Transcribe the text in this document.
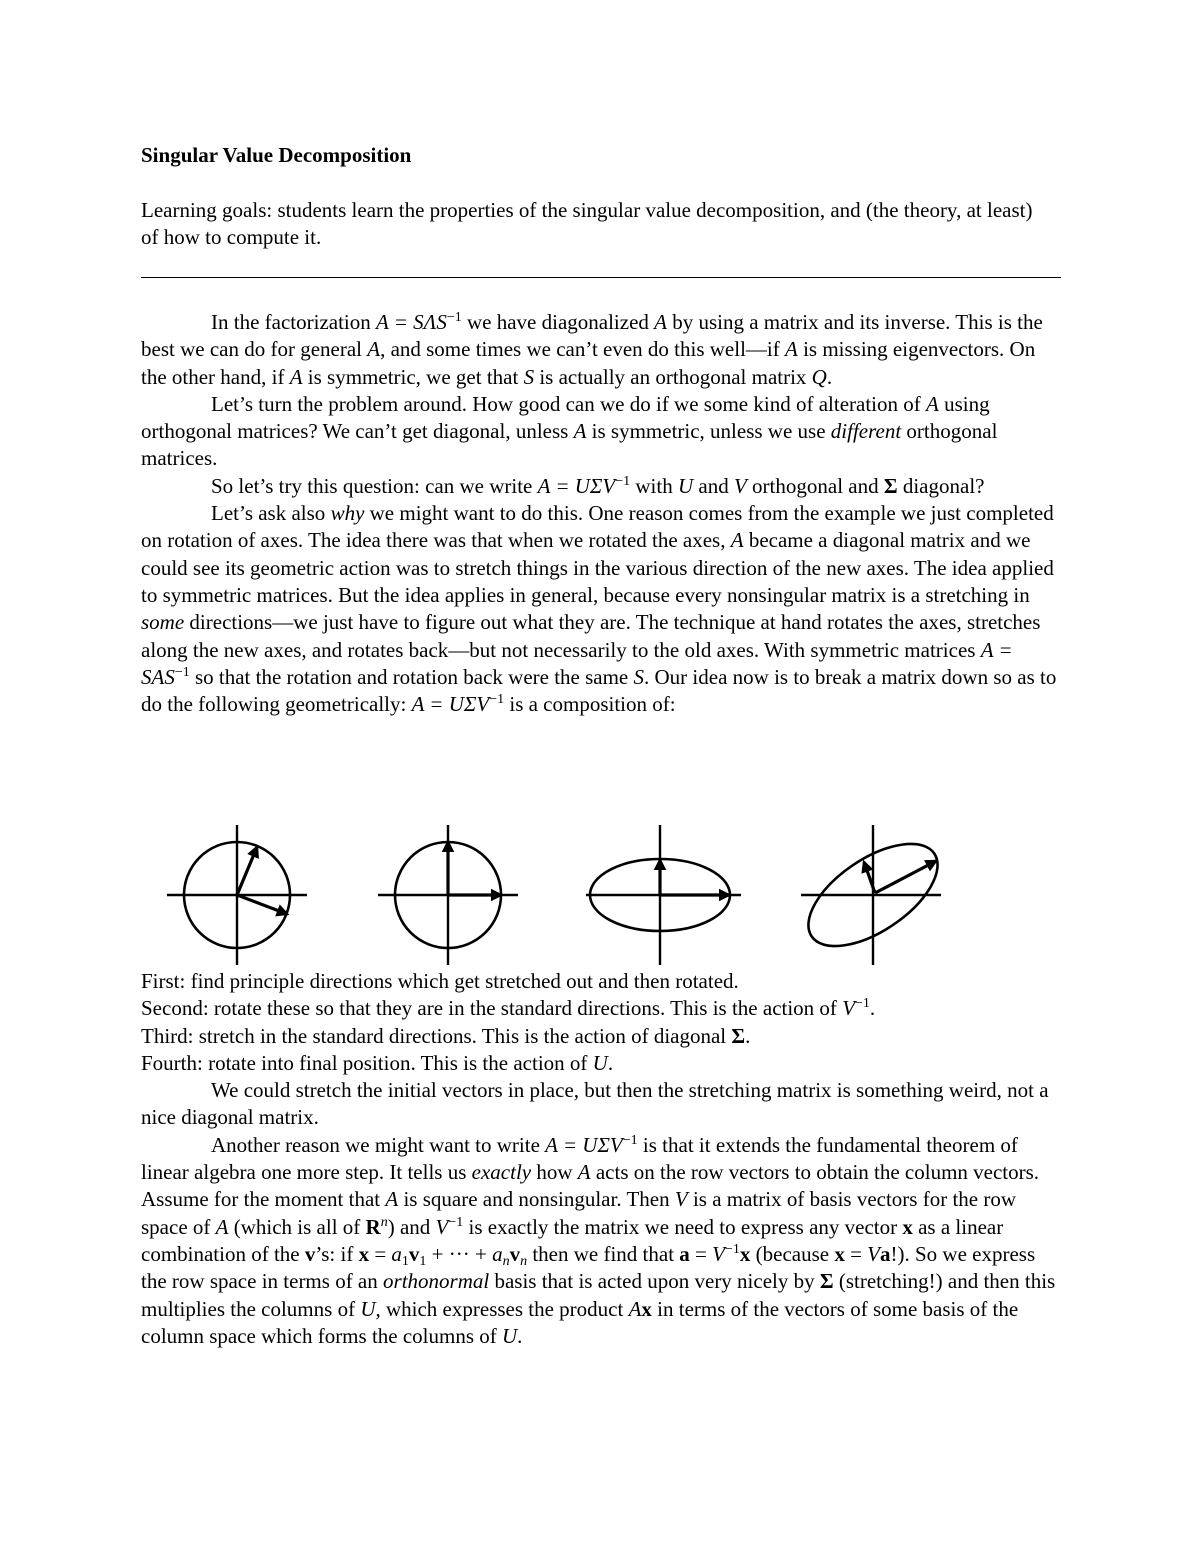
Singular Value Decomposition

Learning goals: students learn the properties of the singular value decomposition, and (the theory, at least) of how to compute it.

In the factorization $A = S\Lambda S^{-1}$ we have diagonalized A by using a matrix and its inverse. This is the best we can do for general A, and some times we can’t even do this well—if A is missing eigenvectors. On the other hand, if A is symmetric, we get that S is actually an orthogonal matrix Q.

Let’s turn the problem around. How good can we do if we some kind of alteration of A using orthogonal matrices? We can’t get diagonal, unless A is symmetric, unless we use different orthogonal matrices.

So let’s try this question: can we write $A = U\Sigma V^{-1}$ with U and V orthogonal and Σ diagonal?

Let’s ask also why we might want to do this. One reason comes from the example we just completed on rotation of axes. The idea there was that when we rotated the axes, A became a diagonal matrix and we could see its geometric action was to stretch things in the various direction of the new axes. The idea applied to symmetric matrices. But the idea applies in general, because every nonsingular matrix is a stretching in some directions—we just have to figure out what they are. The technique at hand rotates the axes, stretches along the new axes, and rotates back—but not necessarily to the old axes. With symmetric matrices $A = SAS^{-1}$ so that the rotation and rotation back were the same S. Our idea now is to break a matrix down so as to do the following geometrically: $A = U\Sigma V^{-1}$ is a composition of:

First: find principle directions which get stretched out and then rotated.

Second: rotate these so that they are in the standard directions. This is the action of $V^{-1}$.

Third: stretch in the standard directions. This is the action of diagonal Σ.

Fourth: rotate into final position. This is the action of U.

We could stretch the initial vectors in place, but then the stretching matrix is something weird, not a nice diagonal matrix.

Another reason we might want to write $A = U\Sigma V^{-1}$ is that it extends the fundamental theorem of linear algebra one more step. It tells us exactly how A acts on the row vectors to obtain the column vectors. Assume for the moment that A is square and nonsingular. Then V is a matrix of basis vectors for the row space of A (which is all of $R^n$) and $V^{-1}$ is exactly the matrix we need to express any vector x as a linear combination of the v’s: if $x = a_1v_1$ + ··· + $a_nv_n$ then we find that $a = V^{-1}x$ (because x = Va!). So we express the row space in terms of an orthonormal basis that is acted upon very nicely by Σ (stretching!) and then this multiplies the columns of U, which expresses the product Ax in terms of the vectors of some basis of the column space which forms the columns of U.
